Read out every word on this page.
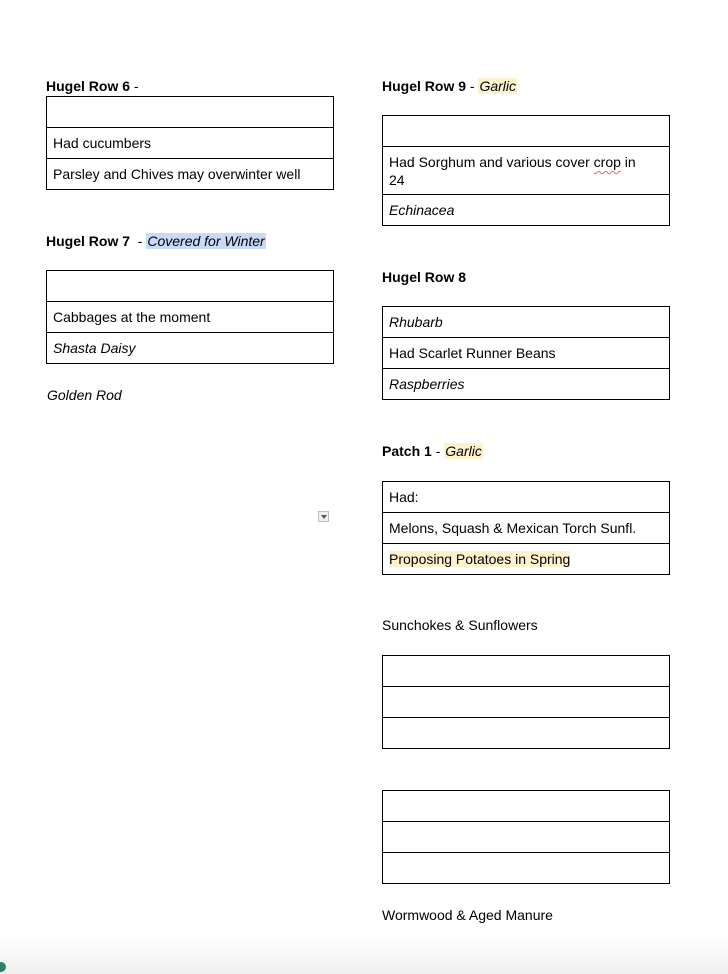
Hugel Row 6 -

Had cucumbers
Parsley and Chives may overwinter well
Hugel Row 7  - Covered for Winter

Cabbages at the moment
Shasta Daisy
Golden Rod
Hugel Row 9 - Garlic

Had Sorghum and various cover crop in 24
Echinacea
Hugel Row 8
Rhubarb
Had Scarlet Runner Beans
Raspberries
Patch 1 - Garlic
Had:
Melons, Squash & Mexican Torch Sunfl.
Proposing Potatoes in Spring
Sunchokes & Sunflowers

Wormwood & Aged Manure
